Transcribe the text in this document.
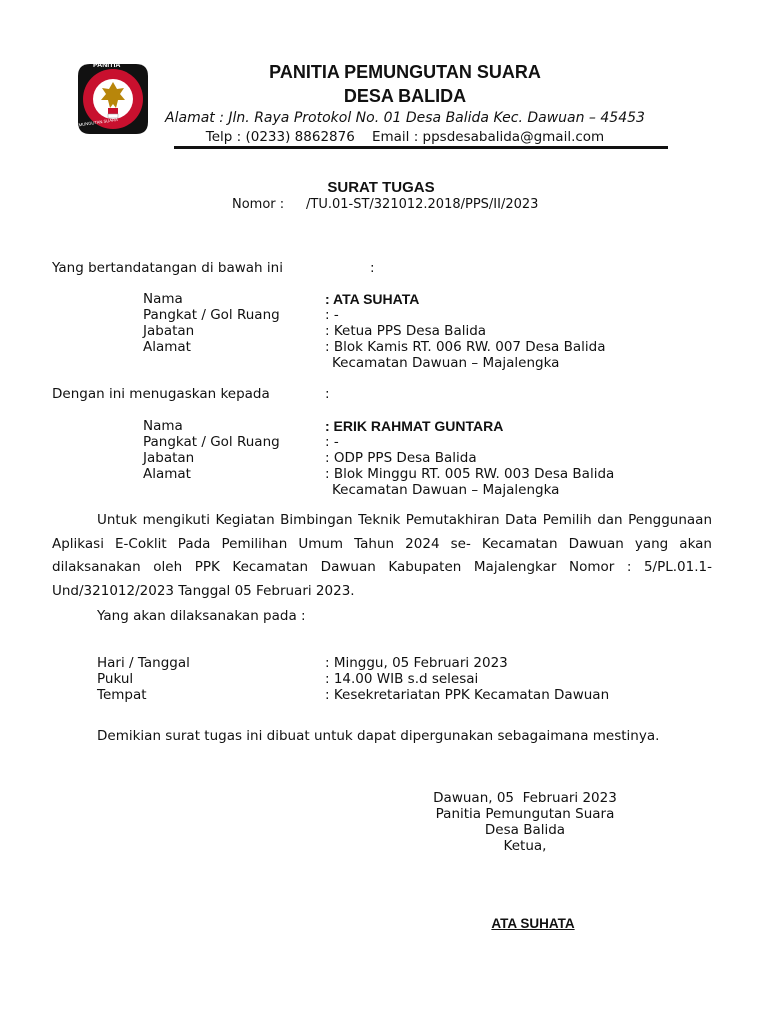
PANITIA
PEMUNGUTAN SUARA
PANITIA PEMUNGUTAN SUARA
DESA BALIDA
Alamat : Jln. Raya Protokol No. 01 Desa Balida Kec. Dawuan – 45453
Telp : (0233) 8862876    Email : ppsdesabalida@gmail.com
SURAT TUGAS
Nomor : /TU.01-ST/321012.2018/PPS/II/2023
Yang bertandatangan di bawah ini	:
Nama	: ATA SUHATA
Pangkat / Gol Ruang	: -
Jabatan	: Ketua PPS Desa Balida
Alamat	: Blok Kamis RT. 006 RW. 007 Desa Balida
Kecamatan Dawuan – Majalengka
Dengan ini menugaskan kepada	:
Nama	: ERIK RAHMAT GUNTARA
Pangkat / Gol Ruang	: -
Jabatan	: ODP PPS Desa Balida
Alamat	: Blok Minggu RT. 005 RW. 003 Desa Balida
Kecamatan Dawuan – Majalengka
Untuk mengikuti Kegiatan Bimbingan Teknik Pemutakhiran Data Pemilih dan Penggunaan Aplikasi E-Coklit Pada Pemilihan Umum Tahun 2024 se- Kecamatan Dawuan yang akan dilaksanakan oleh PPK Kecamatan Dawuan Kabupaten Majalengkar Nomor : 5/PL.01.1-Und/321012/2023 Tanggal 05 Februari 2023.
Yang akan dilaksanakan pada :
Hari / Tanggal	: Minggu, 05 Februari 2023
Pukul	: 14.00 WIB s.d selesai
Tempat	: Kesekretariatan PPK Kecamatan Dawuan
Demikian surat tugas ini dibuat untuk dapat dipergunakan sebagaimana mestinya.
Dawuan, 05  Februari 2023
Panitia Pemungutan Suara
Desa Balida
Ketua,
ATA SUHATA
